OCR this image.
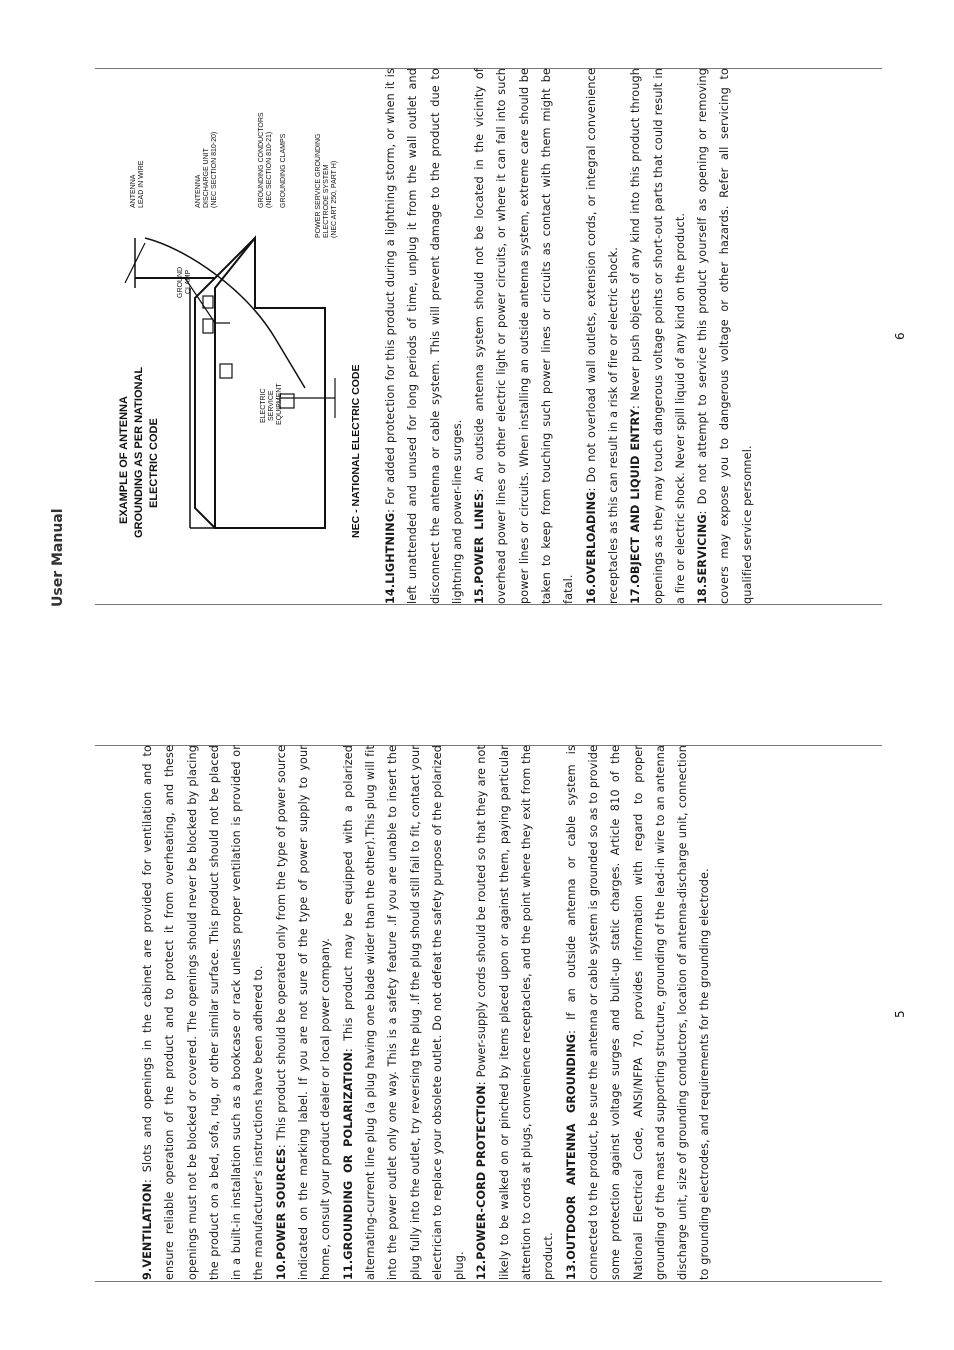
User Manual
5
6

9.VENTILATION: Slots and openings in the cabinet are provided for ventilation and to ensure reliable operation of the product and to protect it from overheating, and these openings must not be blocked or covered. The openings should never be blocked by placing the product on a bed, sofa, rug, or other similar surface. This product should not be placed in a built-in installation such as a bookcase or rack unless proper ventilation is provided or the manufacturer's instructions have been adhered to. 10.POWER SOURCES: This product should be operated only from the type of power source indicated on the marking label. If you are not sure of the type of power supply to your home, consult your product dealer or local power company. 11.GROUNDING OR POLARIZATION: This product may be equipped with a polarized alternating-current line plug (a plug having one blade wider than the other).This plug will fit into the power outlet only one way. This is a safety feature .If you are unable to insert the plug fully into the outlet, try reversing the plug .If the plug should still fail to fit, contact your electrician to replace your obsolete outlet. Do not defeat the safety purpose of the polarized plug. 12.POWER-CORD PROTECTION: Power-supply cords should be routed so that they are not likely to be walked on or pinched by items placed upon or against them, paying particular attention to cords at plugs, convenience receptacles, and the point where they exit from the product. 13.OUTDOOR ANTENNA GROUNDING: If an outside antenna or cable system is connected to the product, be sure the antenna or cable system is grounded so as to provide some protection against voltage surges and built-up static charges. Article 810 of the National Electrical Code, ANSI/NFPA 70, provides information with regard to proper grounding of the mast and supporting structure, grounding of the lead-in wire to an antenna discharge unit, size of grounding conductors, location of antenna-discharge unit, connection to grounding electrodes, and requirements for the grounding electrode.

14.LIGHTNING: For added protection for this product during a lightning storm, or when it is left unattended and unused for long periods of time, unplug it from the wall outlet and disconnect the antenna or cable system. This will prevent damage to the product due to lightning and power-line surges. 15.POWER LINES: An outside antenna system should not be located in the vicinity of overhead power lines or other electric light or power circuits, or where it can fall into such power lines or circuits. When installing an outside antenna system, extreme care should be taken to keep from touching such power lines or circuits as contact with them might be fatal. 16.OVERLOADING: Do not overload wall outlets, extension cords, or integral convenience receptacles as this can result in a risk of fire or electric shock. 17.OBJECT AND LIQUID ENTRY: Never push objects of any kind into this product through openings as they may touch dangerous voltage points or short-out parts that could result in a fire or electric shock. Never spill liquid of any kind on the product. 18.SERVICING: Do not attempt to service this product yourself as opening or removing covers may expose you to dangerous voltage or other hazards. Refer all servicing to qualified service personnel.

EXAMPLE OF ANTENNA GROUNDING AS PER NATIONAL ELECTRIC CODE	NEC - NATIONAL ELECTRIC CODE
ANTENNA LEAD IN WIRE	ANTENNA DISCHARGE UNIT (NEC SECTION 810-20)	GROUNDING CONDUCTORS (NEC SECTION 810-21) GROUNDING CLAMPS	POWER SERVICE GROUNDING ELECTRODE SYSTEM (NEC ART 250, PART H)
GROUND CLAMP
ELECTRIC SERVICE EQUIPMENT
